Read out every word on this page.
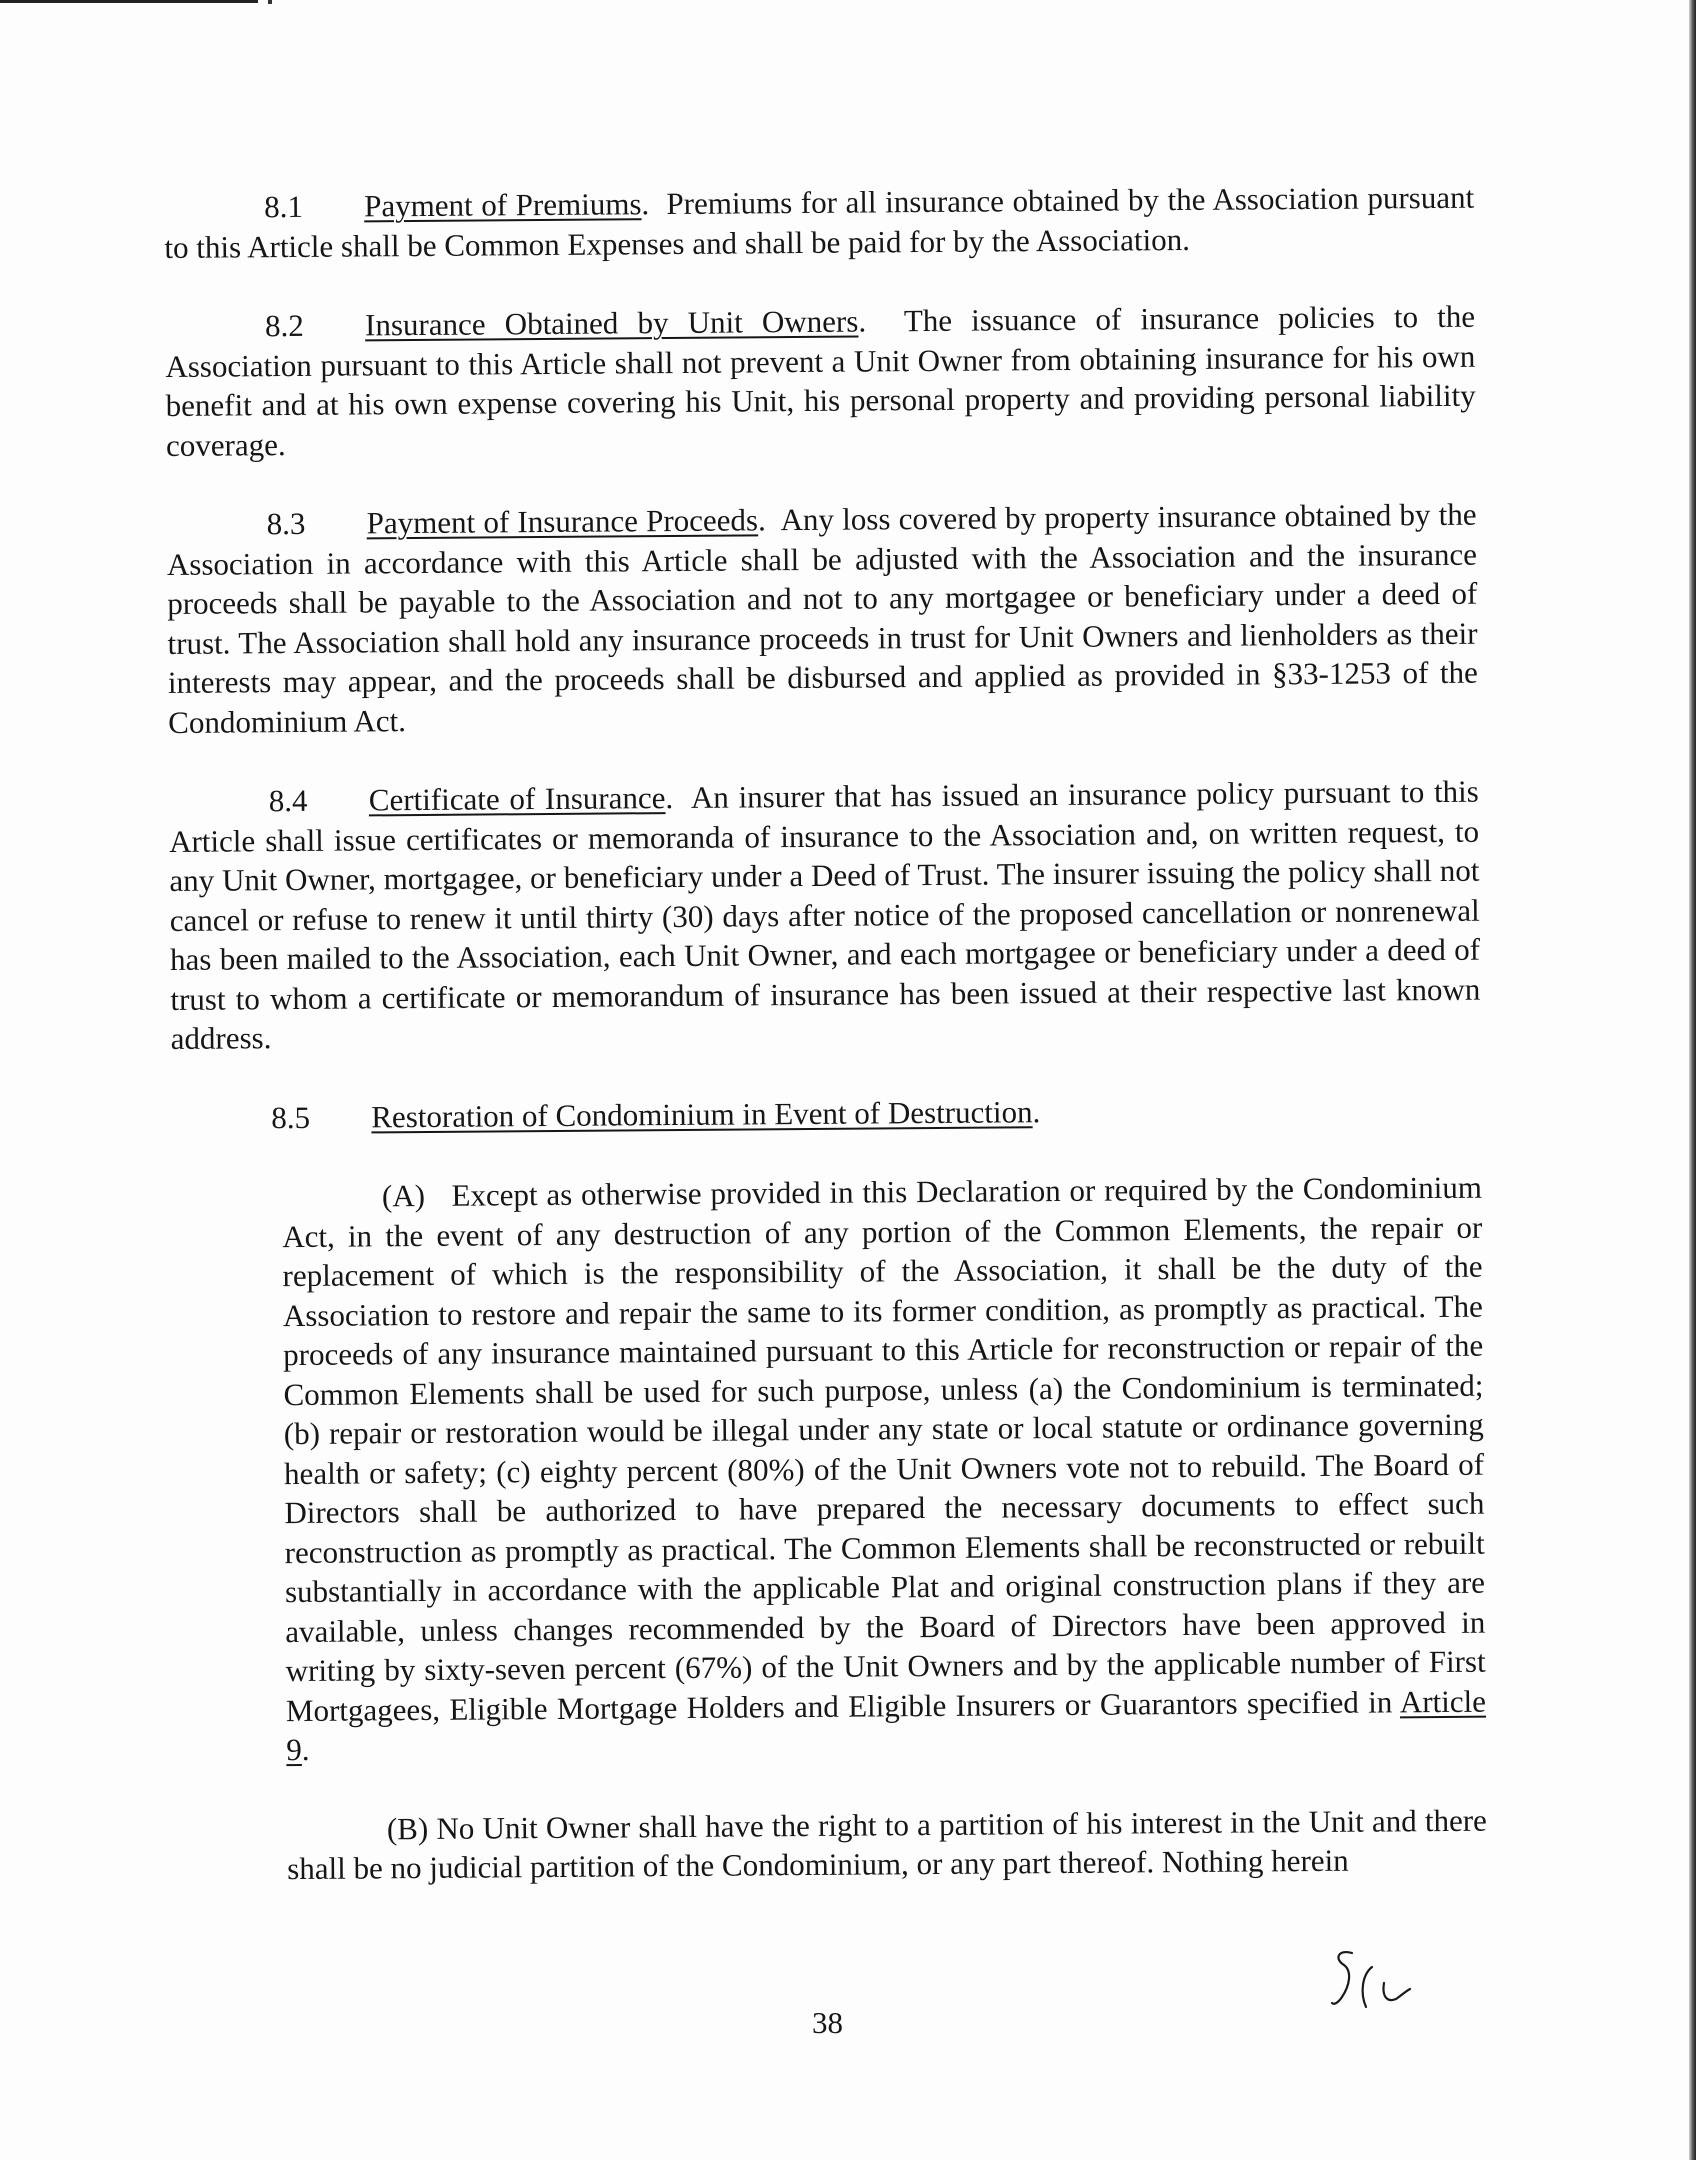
8.1 Payment of Premiums.  Premiums for all insurance obtained by the Association pursuant to this Article shall be Common Expenses and shall be paid for by the Association.

8.2 Insurance Obtained by Unit Owners.  The issuance of insurance policies to the Association pursuant to this Article shall not prevent a Unit Owner from obtaining insurance for his own benefit and at his own expense covering his Unit, his personal property and providing personal liability coverage.

8.3 Payment of Insurance Proceeds.  Any loss covered by property insurance obtained by the Association in accordance with this Article shall be adjusted with the Association and the insurance proceeds shall be payable to the Association and not to any mortgagee or beneficiary under a deed of trust. The Association shall hold any insurance proceeds in trust for Unit Owners and lienholders as their interests may appear, and the proceeds shall be disbursed and applied as provided in §33-1253 of the Condominium Act.

8.4 Certificate of Insurance.  An insurer that has issued an insurance policy pursuant to this Article shall issue certificates or memoranda of insurance to the Association and, on written request, to any Unit Owner, mortgagee, or beneficiary under a Deed of Trust. The insurer issuing the policy shall not cancel or refuse to renew it until thirty (30) days after notice of the proposed cancellation or nonrenewal has been mailed to the Association, each Unit Owner, and each mortgagee or beneficiary under a deed of trust to whom a certificate or memorandum of insurance has been issued at their respective last known address.

8.5 Restoration of Condominium in Event of Destruction.

(A) Except as otherwise provided in this Declaration or required by the Condominium Act, in the event of any destruction of any portion of the Common Elements, the repair or replacement of which is the responsibility of the Association, it shall be the duty of the Association to restore and repair the same to its former condition, as promptly as practical. The proceeds of any insurance maintained pursuant to this Article for reconstruction or repair of the Common Elements shall be used for such purpose, unless (a) the Condominium is terminated; (b) repair or restoration would be illegal under any state or local statute or ordinance governing health or safety; (c) eighty percent (80%) of the Unit Owners vote not to rebuild. The Board of Directors shall be authorized to have prepared the necessary documents to effect such reconstruction as promptly as practical. The Common Elements shall be reconstructed or rebuilt substantially in accordance with the applicable Plat and original construction plans if they are available, unless changes recommended by the Board of Directors have been approved in writing by sixty-seven percent (67%) of the Unit Owners and by the applicable number of First Mortgagees, Eligible Mortgage Holders and Eligible Insurers or Guarantors specified in Article 9.

(B) No Unit Owner shall have the right to a partition of his interest in the Unit and there shall be no judicial partition of the Condominium, or any part thereof. Nothing herein

38
